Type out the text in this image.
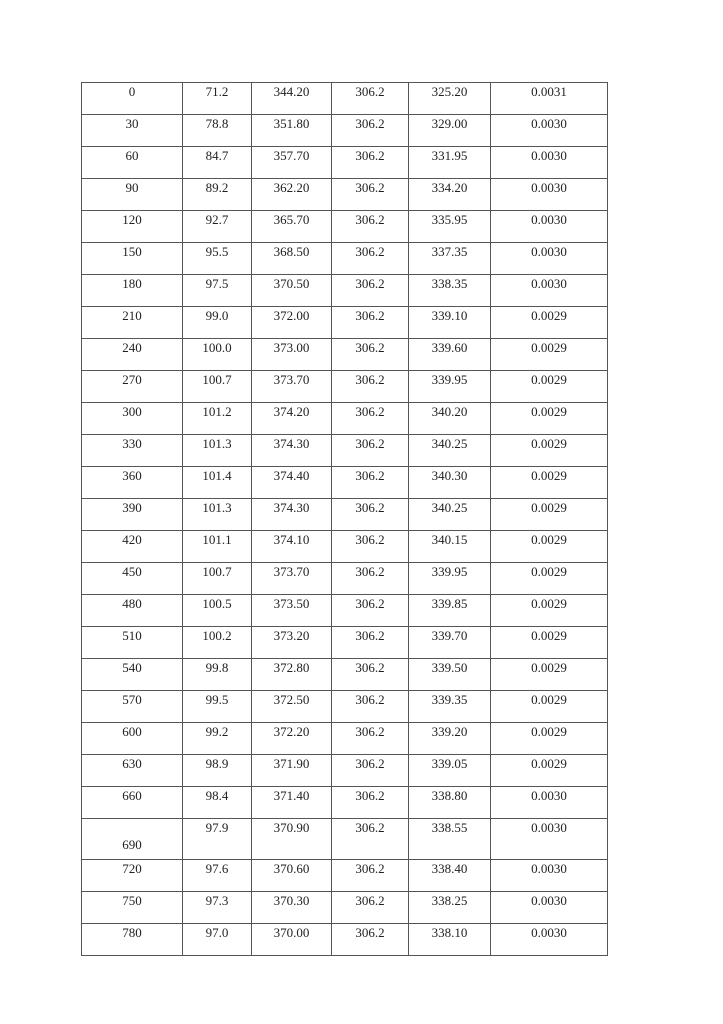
0	71.2	344.20	306.2	325.20	0.0031
30	78.8	351.80	306.2	329.00	0.0030
60	84.7	357.70	306.2	331.95	0.0030
90	89.2	362.20	306.2	334.20	0.0030
120	92.7	365.70	306.2	335.95	0.0030
150	95.5	368.50	306.2	337.35	0.0030
180	97.5	370.50	306.2	338.35	0.0030
210	99.0	372.00	306.2	339.10	0.0029
240	100.0	373.00	306.2	339.60	0.0029
270	100.7	373.70	306.2	339.95	0.0029
300	101.2	374.20	306.2	340.20	0.0029
330	101.3	374.30	306.2	340.25	0.0029
360	101.4	374.40	306.2	340.30	0.0029
390	101.3	374.30	306.2	340.25	0.0029
420	101.1	374.10	306.2	340.15	0.0029
450	100.7	373.70	306.2	339.95	0.0029
480	100.5	373.50	306.2	339.85	0.0029
510	100.2	373.20	306.2	339.70	0.0029
540	99.8	372.80	306.2	339.50	0.0029
570	99.5	372.50	306.2	339.35	0.0029
600	99.2	372.20	306.2	339.20	0.0029
630	98.9	371.90	306.2	339.05	0.0029
660	98.4	371.40	306.2	338.80	0.0030
690	97.9	370.90	306.2	338.55	0.0030
720	97.6	370.60	306.2	338.40	0.0030
750	97.3	370.30	306.2	338.25	0.0030
780	97.0	370.00	306.2	338.10	0.0030
